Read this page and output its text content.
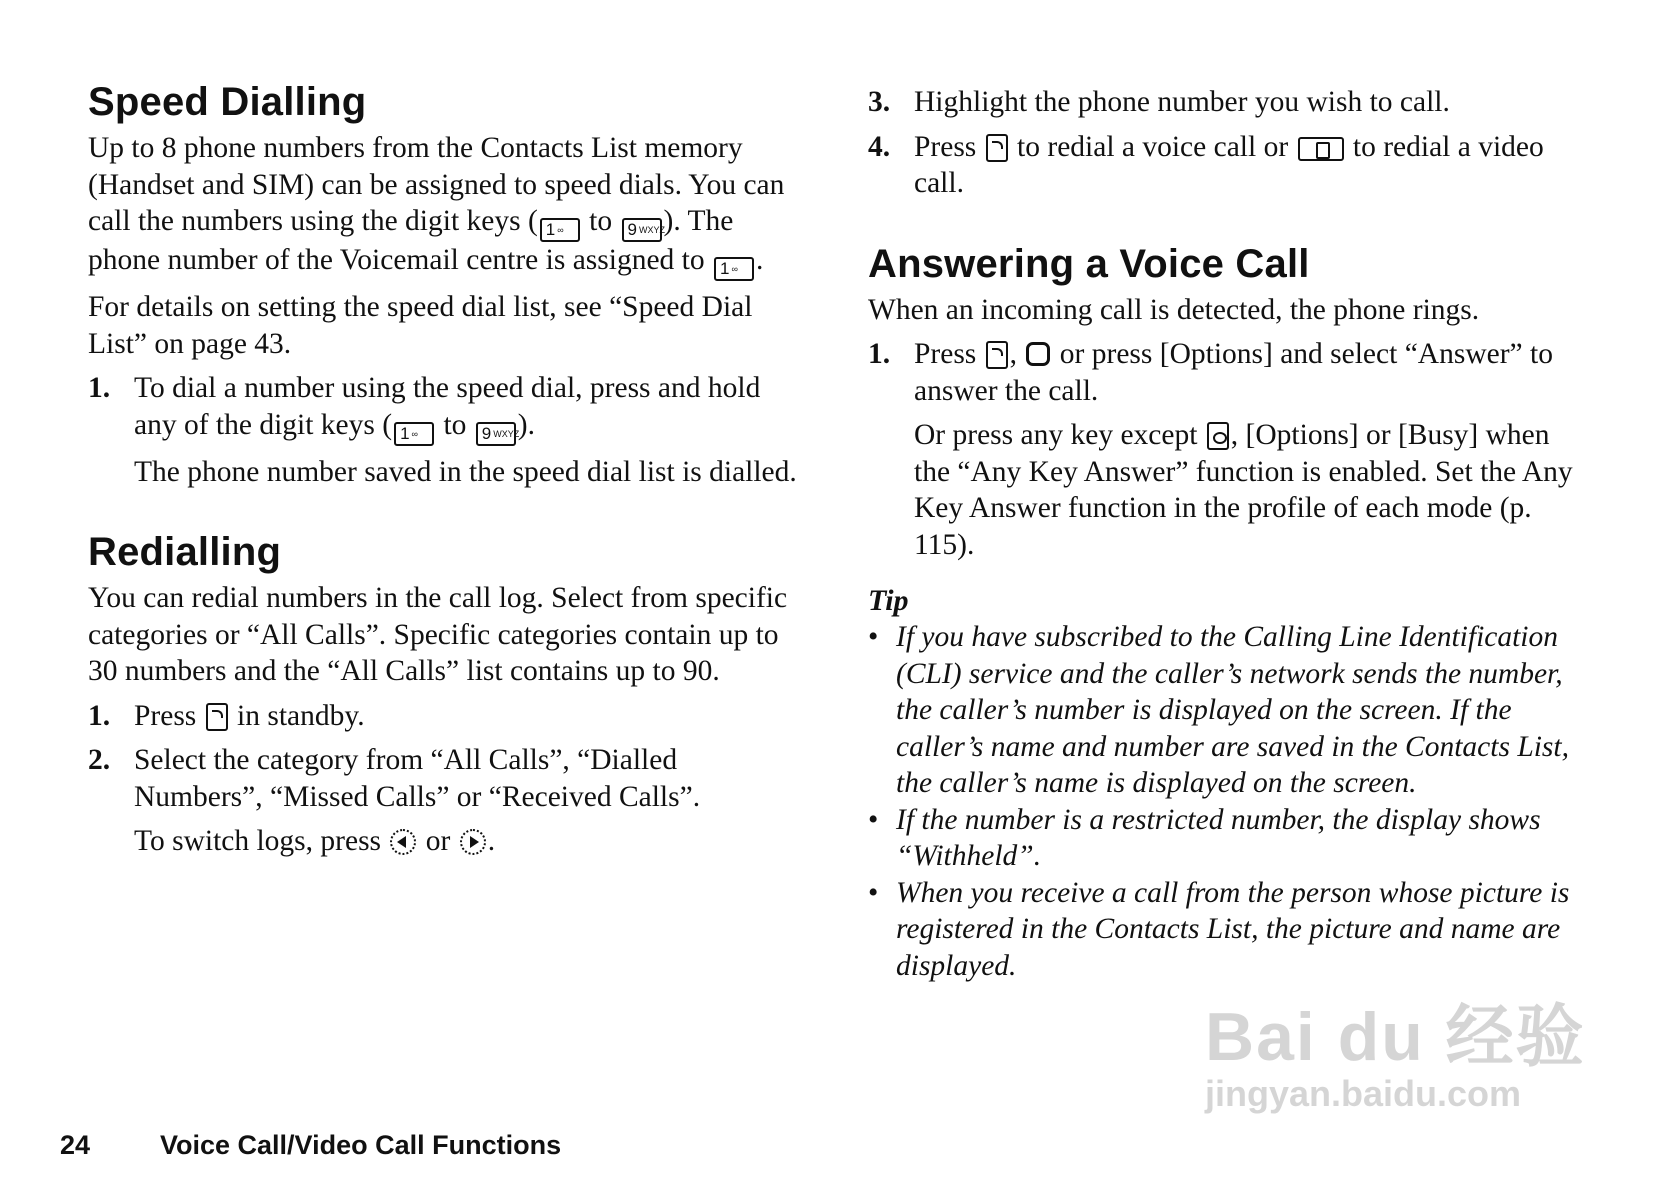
Speed Dialling

Up to 8 phone numbers from the Contacts List memory (Handset and SIM) can be assigned to speed dials. You can call the numbers using the digit keys ( 1 ∞ to 9 WXYZ). The phone number of the Voicemail centre is assigned to 1 ∞ .

For details on setting the speed dial list, see “Speed Dial List” on page 43.

1. To dial a number using the speed dial, press and hold any of the digit keys ( 1 ∞ to 9 WXYZ).

The phone number saved in the speed dial list is dialled.

Redialling

You can redial numbers in the call log. Select from specific categories or “All Calls”. Specific categories contain up to 30 numbers and the “All Calls” list contains up to 90.

1. Press in standby.
2. Select the category from “All Calls”, “Dialled Numbers”, “Missed Calls” or “Received Calls”.

To switch logs, press or .

3. Highlight the phone number you wish to call.
4. Press to redial a voice call or to redial a video call.
Answering a Voice Call

When an incoming call is detected, the phone rings.

1. Press , or press [Options] and select “Answer” to answer the call.

Or press any key except , [Options] or [Busy] when the “Any Key Answer” function is enabled. Set the Any Key Answer function in the profile of each mode (p. 115).

Tip
• If you have subscribed to the Calling Line Identification (CLI) service and the caller’s network sends the number, the caller’s number is displayed on the screen. If the caller’s name and number are saved in the Contacts List, the caller’s name is displayed on the screen.
• If the number is a restricted number, the display shows “Withheld”.
• When you receive a call from the person whose picture is registered in the Contacts List, the picture and name are displayed.
24	Voice Call/Video Call Functions
Bai du 经验
jingyan.baidu.com
